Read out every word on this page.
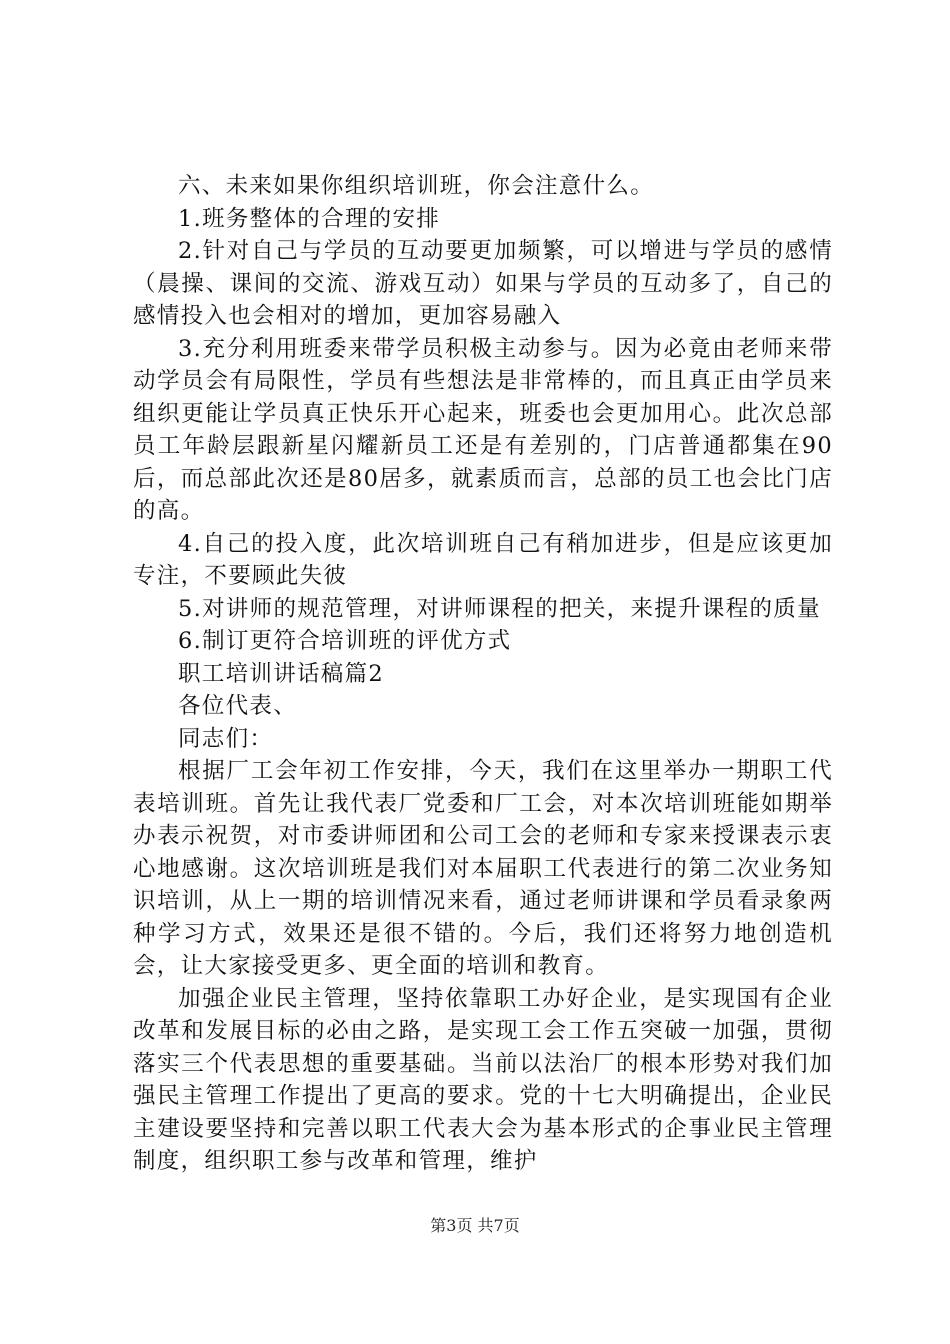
六、未来如果你组织培训班，你会注意什么。

1.班务整体的合理的安排

2.针对自己与学员的互动要更加频繁，可以增进与学员的感情（晨操、课间的交流、游戏互动）如果与学员的互动多了，自己的感情投入也会相对的增加，更加容易融入

3.充分利用班委来带学员积极主动参与。因为必竟由老师来带动学员会有局限性，学员有些想法是非常棒的，而且真正由学员来组织更能让学员真正快乐开心起来，班委也会更加用心。此次总部员工年龄层跟新星闪耀新员工还是有差别的，门店普通都集在90后，而总部此次还是80居多，就素质而言，总部的员工也会比门店的高。

4.自己的投入度，此次培训班自己有稍加进步，但是应该更加专注，不要顾此失彼

5.对讲师的规范管理，对讲师课程的把关，来提升课程的质量

6.制订更符合培训班的评优方式

职工培训讲话稿篇2

各位代表、

同志们：

根据厂工会年初工作安排，今天，我们在这里举办一期职工代表培训班。首先让我代表厂党委和厂工会，对本次培训班能如期举办表示祝贺，对市委讲师团和公司工会的老师和专家来授课表示衷心地感谢。这次培训班是我们对本届职工代表进行的第二次业务知识培训，从上一期的培训情况来看，通过老师讲课和学员看录象两种学习方式，效果还是很不错的。今后，我们还将努力地创造机会，让大家接受更多、更全面的培训和教育。

加强企业民主管理，坚持依靠职工办好企业，是实现国有企业改革和发展目标的必由之路，是实现工会工作五突破一加强，贯彻落实三个代表思想的重要基础。当前以法治厂的根本形势对我们加强民主管理工作提出了更高的要求。党的十七大明确提出，企业民主建设要坚持和完善以职工代表大会为基本形式的企事业民主管理制度，组织职工参与改革和管理，维护

第3页 共7页
